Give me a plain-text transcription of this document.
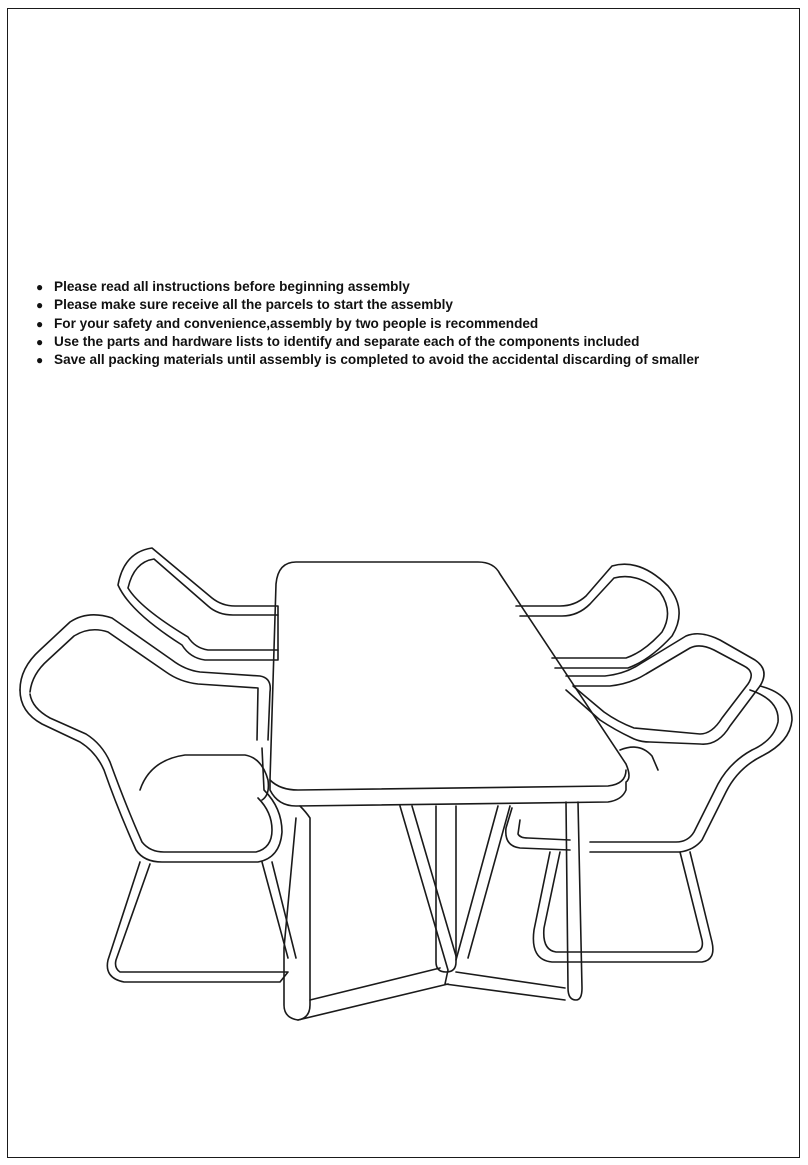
● Please read all instructions before beginning assembly
● Please make sure receive all the parcels to start the assembly
● For your safety and convenience,assembly by two people is recommended
● Use the parts and hardware lists to identify and separate each of the components included
● Save all packing materials until assembly is completed to avoid the accidental discarding of smaller
